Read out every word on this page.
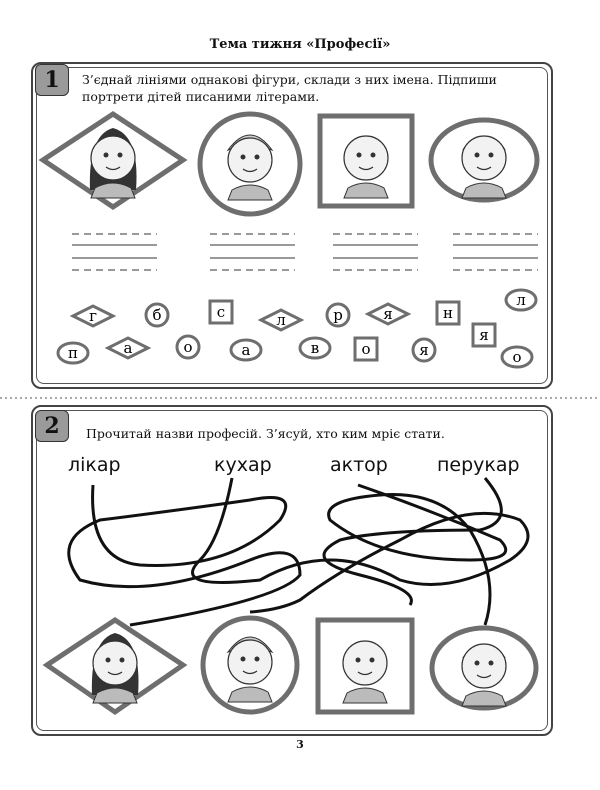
Тема тижня «Професії»
1	З’єднай лініями однакові фігури, склади з них імена. Підпиши портрети дітей писаними літерами.
2	Прочитай назви професій. З’ясуй, хто ким мріє стати.
лікар	кухар	актор	перукар
г	б	с	л	р	я	н
л
я
п	а	о	а	в	о	я	о
3
